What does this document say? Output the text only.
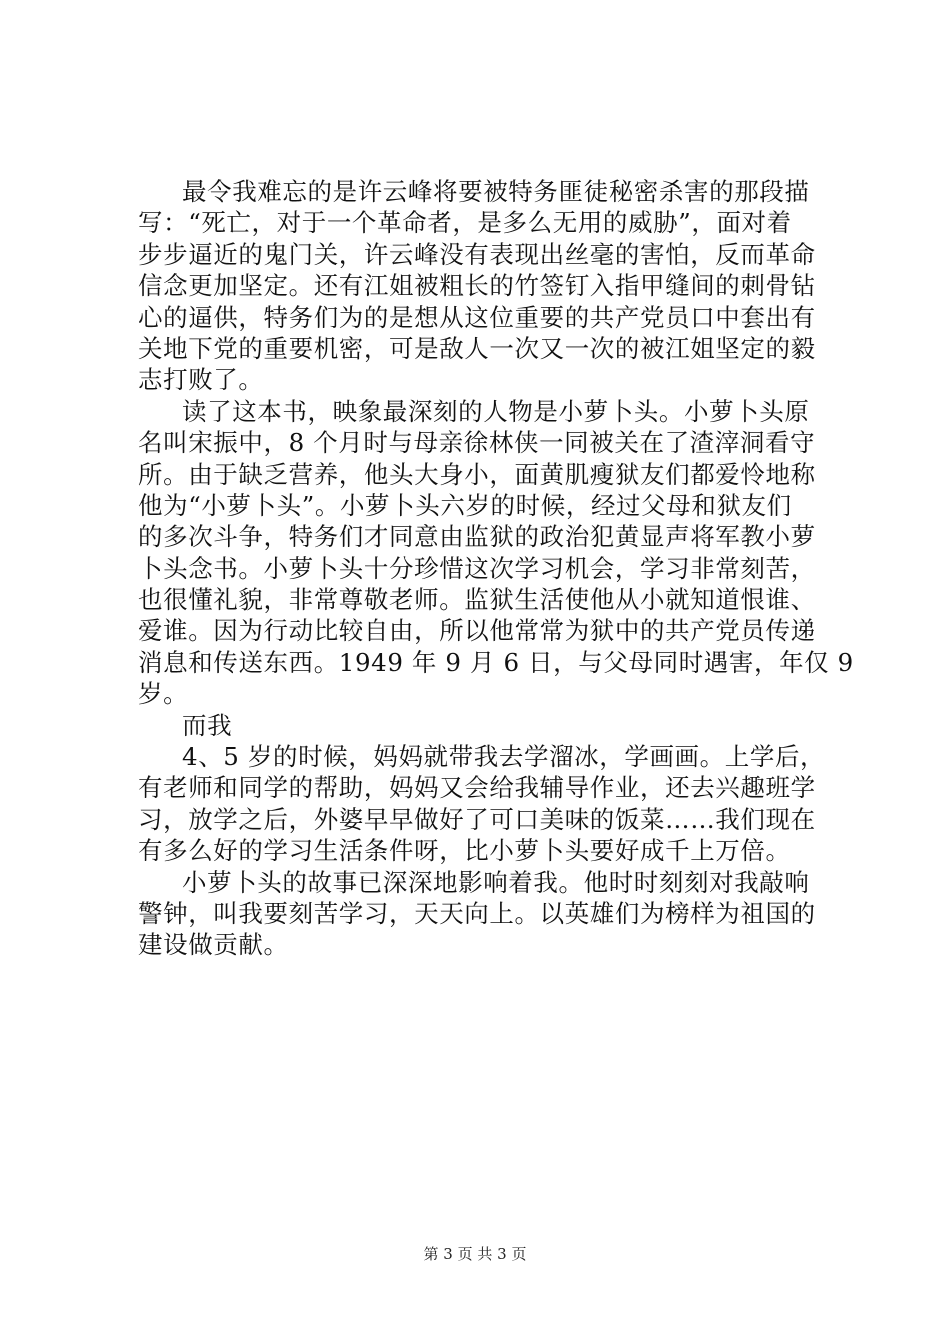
最令我难忘的是许云峰将要被特务匪徒秘密杀害的那段描
写：“死亡，对于一个革命者，是多么无用的威胁”，面对着
步步逼近的鬼门关，许云峰没有表现出丝毫的害怕，反而革命
信念更加坚定。还有江姐被粗长的竹签钉入指甲缝间的刺骨钻
心的逼供，特务们为的是想从这位重要的共产党员口中套出有
关地下党的重要机密，可是敌人一次又一次的被江姐坚定的毅
志打败了。
读了这本书，映象最深刻的人物是小萝卜头。小萝卜头原
名叫宋振中，8 个月时与母亲徐林侠一同被关在了渣滓洞看守
所。由于缺乏营养，他头大身小，面黄肌瘦狱友们都爱怜地称
他为“小萝卜头”。小萝卜头六岁的时候，经过父母和狱友们
的多次斗争，特务们才同意由监狱的政治犯黄显声将军教小萝
卜头念书。小萝卜头十分珍惜这次学习机会，学习非常刻苦，
也很懂礼貌，非常尊敬老师。监狱生活使他从小就知道恨谁、
爱谁。因为行动比较自由，所以他常常为狱中的共产党员传递
消息和传送东西。1949 年 9 月 6 日，与父母同时遇害，年仅 9
岁。
而我
4、5 岁的时候，妈妈就带我去学溜冰，学画画。上学后，
有老师和同学的帮助，妈妈又会给我辅导作业，还去兴趣班学
习，放学之后，外婆早早做好了可口美味的饭菜……我们现在
有多么好的学习生活条件呀，比小萝卜头要好成千上万倍。
小萝卜头的故事已深深地影响着我。他时时刻刻对我敲响
警钟，叫我要刻苦学习，天天向上。以英雄们为榜样为祖国的
建设做贡献。
第 3 页 共 3 页
